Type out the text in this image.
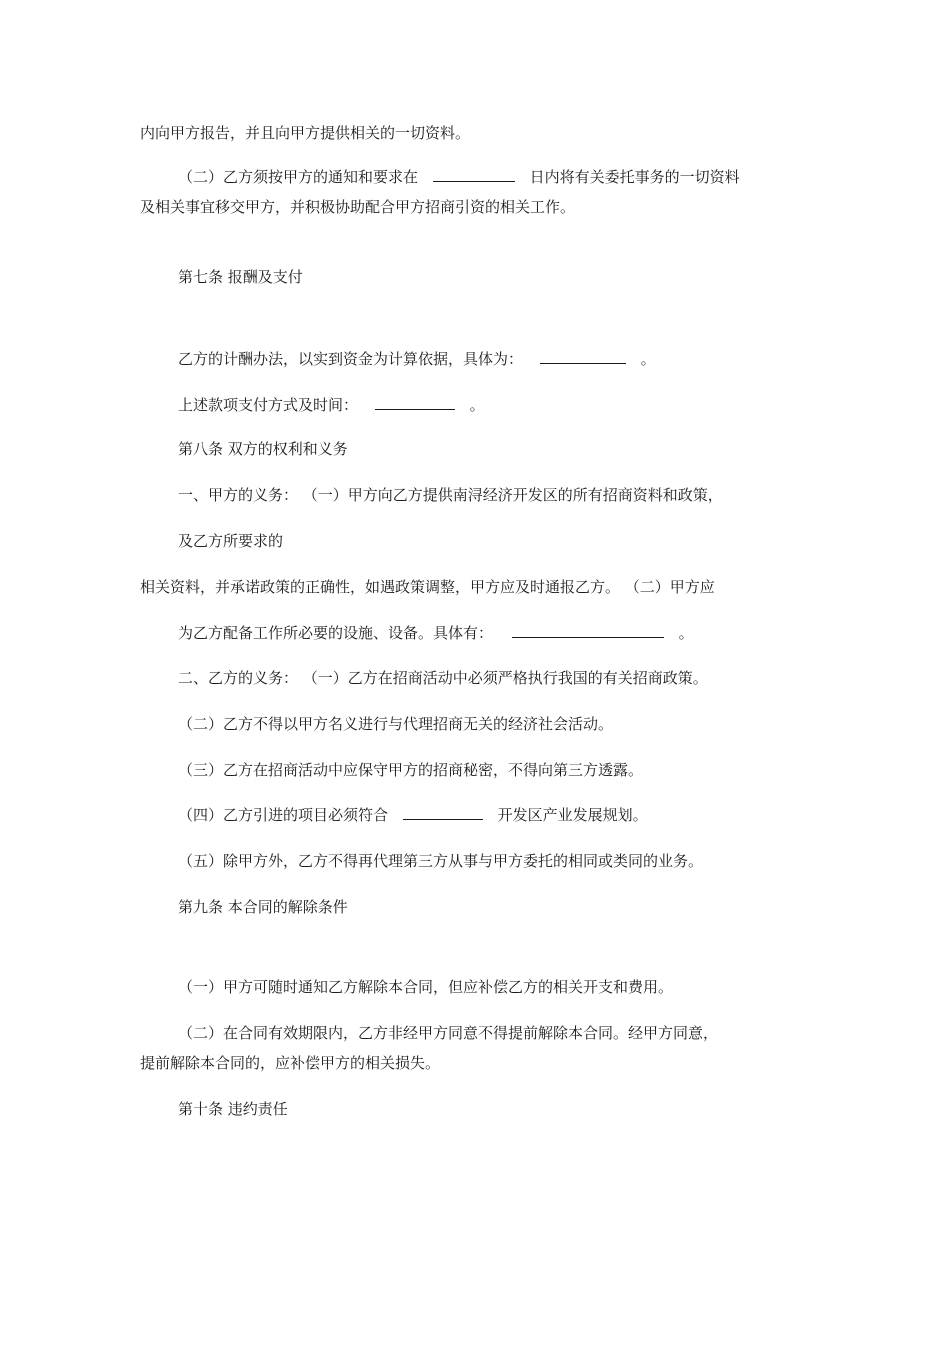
内向甲方报告，并且向甲方提供相关的一切资料。
（二）乙方须按甲方的通知和要求在	日内将有关委托事务的一切资料
及相关事宜移交甲方，并积极协助配合甲方招商引资的相关工作。
第七条 报酬及支付
乙方的计酬办法，以实到资金为计算依据，具体为：	。
上述款项支付方式及时间：	。
第八条 双方的权利和义务
一、甲方的义务： （一）甲方向乙方提供南浔经济开发区的所有招商资料和政策，
及乙方所要求的
相关资料，并承诺政策的正确性，如遇政策调整，甲方应及时通报乙方。 （二）甲方应
为乙方配备工作所必要的设施、设备。具体有：	。
二、乙方的义务： （一）乙方在招商活动中必须严格执行我国的有关招商政策。
（二）乙方不得以甲方名义进行与代理招商无关的经济社会活动。
（三）乙方在招商活动中应保守甲方的招商秘密，不得向第三方透露。
（四）乙方引进的项目必须符合	开发区产业发展规划。
（五）除甲方外，乙方不得再代理第三方从事与甲方委托的相同或类同的业务。
第九条 本合同的解除条件
（一）甲方可随时通知乙方解除本合同，但应补偿乙方的相关开支和费用。
（二）在合同有效期限内，乙方非经甲方同意不得提前解除本合同。经甲方同意，
提前解除本合同的，应补偿甲方的相关损失。
第十条 违约责任
